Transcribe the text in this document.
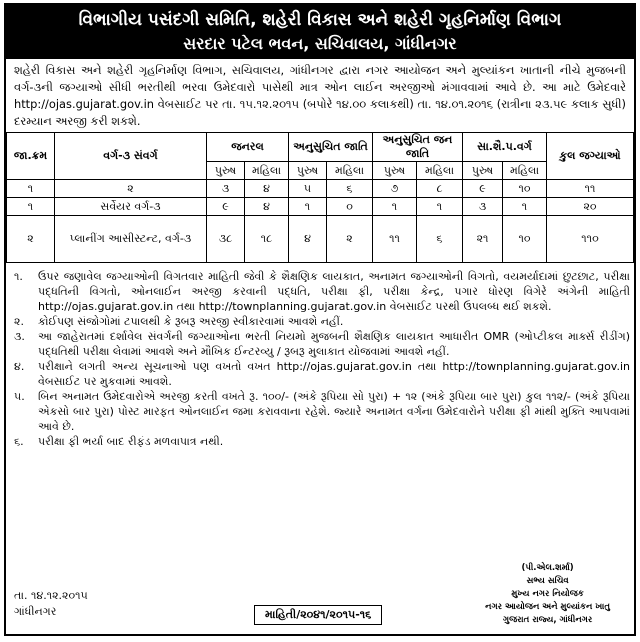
વિભાગીય પસંદગી સમિતિ, શહેરી વિકાસ અને શહેરી ગૃહનિર્માણ વિભાગ
સરદાર પટેલ ભવન, સચિવાલય, ગાંધીનગર
શહેરી વિકાસ અને શહેરી ગૃહનિર્માણ વિભાગ, સચિવાલય, ગાંધીનગર દ્વારા નગર આયોજન અને મુલ્યાંકન ખાતાની નીચે મુજબની વર્ગ-૩ની જગ્યાઓ સીધી ભરતીથી ભરવા ઉમેદવારો પાસેથી માત્ર ઓન લાઈન અરજીઓ મંગાવવામાં આવે છે. આ માટે ઉમેદવારે http://ojas.gujarat.gov.in વેબસાઈટ પર તા. ૧૫.૧૨.૨૦૧૫ (બપોરે ૧૪.૦૦ કલાકથી) તા. ૧૪.૦૧.૨૦૧૬ (રાત્રીના ૨૩.૫૯ કલાક સુધી) દરમ્યાન અરજી કરી શકશે.
જા.ક્રમ	વર્ગ-૩ સંવર્ગ	જનરલ		અનુસુચિત જાતિ		અનુસુચિત જન જાતિ		સા.શૈ.પ.વર્ગ		કુલ જગ્યાઓ
		પુરુષ	મહિલા	પુરુષ	મહિલા	પુરુષ	મહિલા	પુરુષ	મહિલા	
૧	૨	૩	૪	૫	૬	૭	૮	૯	૧૦	૧૧
૧	સર્વેયર વર્ગ-૩	૯	૪	૧	૦	૧	૧	૩	૧	૨૦
૨	પ્લાનીંગ આસીસ્ટન્ટ, વર્ગ-૩	૩૮	૧૮	૪	૨	૧૧	૬	૨૧	૧૦	૧૧૦
૧.	ઉપર જણાવેલ જગ્યાઓની વિગતવાર માહિતી જેવી કે શૈક્ષણિક લાયકાત, અનામત જગ્યાઓની વિગતો, વયમર્યાદામાં છુટછાટ, પરીક્ષા પદ્ધતિની વિગતો, ઓનલાઈન અરજી કરવાની પદ્ધતિ, પરીક્ષા ફી, પરીક્ષા કેન્દ્ર, પગાર ધોરણ વિગેરે અંગેની માહિતી http://ojas.gujarat.gov.in તથા http://townplanning.gujarat.gov.in વેબસાઈટ પરથી ઉપલબ્ધ થઈ શકશે.
૨.	કોઈપણ સંજોગોમાં ટપાલથી કે રૂબરૂ અરજી સ્વીકારવામાં આવશે નહીં.
૩.	આ જાહેરાતમાં દર્શાવેલ સંવર્ગની જગ્યાઓના ભરતી નિયમો મુજબની શૈક્ષણિક લાયકાત આધારીત OMR (ઓપ્ટીકલ માર્ક્સ રીડીંગ) પદ્ધતિથી પરીક્ષા લેવામાં આવશે અને મૌખિક ઈન્ટરવ્યુ / રૂબરૂ મુલાકાત યોજવામાં આવશે નહીં.
૪.	પરીક્ષાને લગતી અન્ય સૂચનાઓ પણ વખતો વખત http://ojas.gujarat.gov.in તથા http://townplanning.gujarat.gov.in વેબસાઈટ પર મુકવામાં આવશે.
૫.	બિન અનામત ઉમેદવારોએ અરજી કરતી વખતે રૂ. ૧૦૦/- (અંકે રૂપિયા સો પુરા) + ૧૨ (અંકે રૂપિયા બાર પુરા) કુલ ૧૧૨/- (અંકે રૂપિયા એકસો બાર પુરા) પોસ્ટ મારફત ઓનલાઈન જમા કરાવવાના રહેશે. જ્યારે અનામત વર્ગના ઉમેદવારોને પરીક્ષા ફી માંથી મુક્તિ આપવામાં આવે છે.
૬.	પરીક્ષા ફી ભર્યા બાદ રીફંડ મળવાપાત્ર નથી.
(પી.એલ.શર્મા)
સભ્ય સચિવ
મુખ્ય નગર નિયોજક
નગર આયોજન અને મુલ્યાંકન ખાતુ
ગુજરાત રાજ્ય, ગાંધીનગર
તા. ૧૪.૧૨.૨૦૧૫
ગાંધીનગર	માહિતી/૨૦૪૧/૨૦૧૫-૧૬
